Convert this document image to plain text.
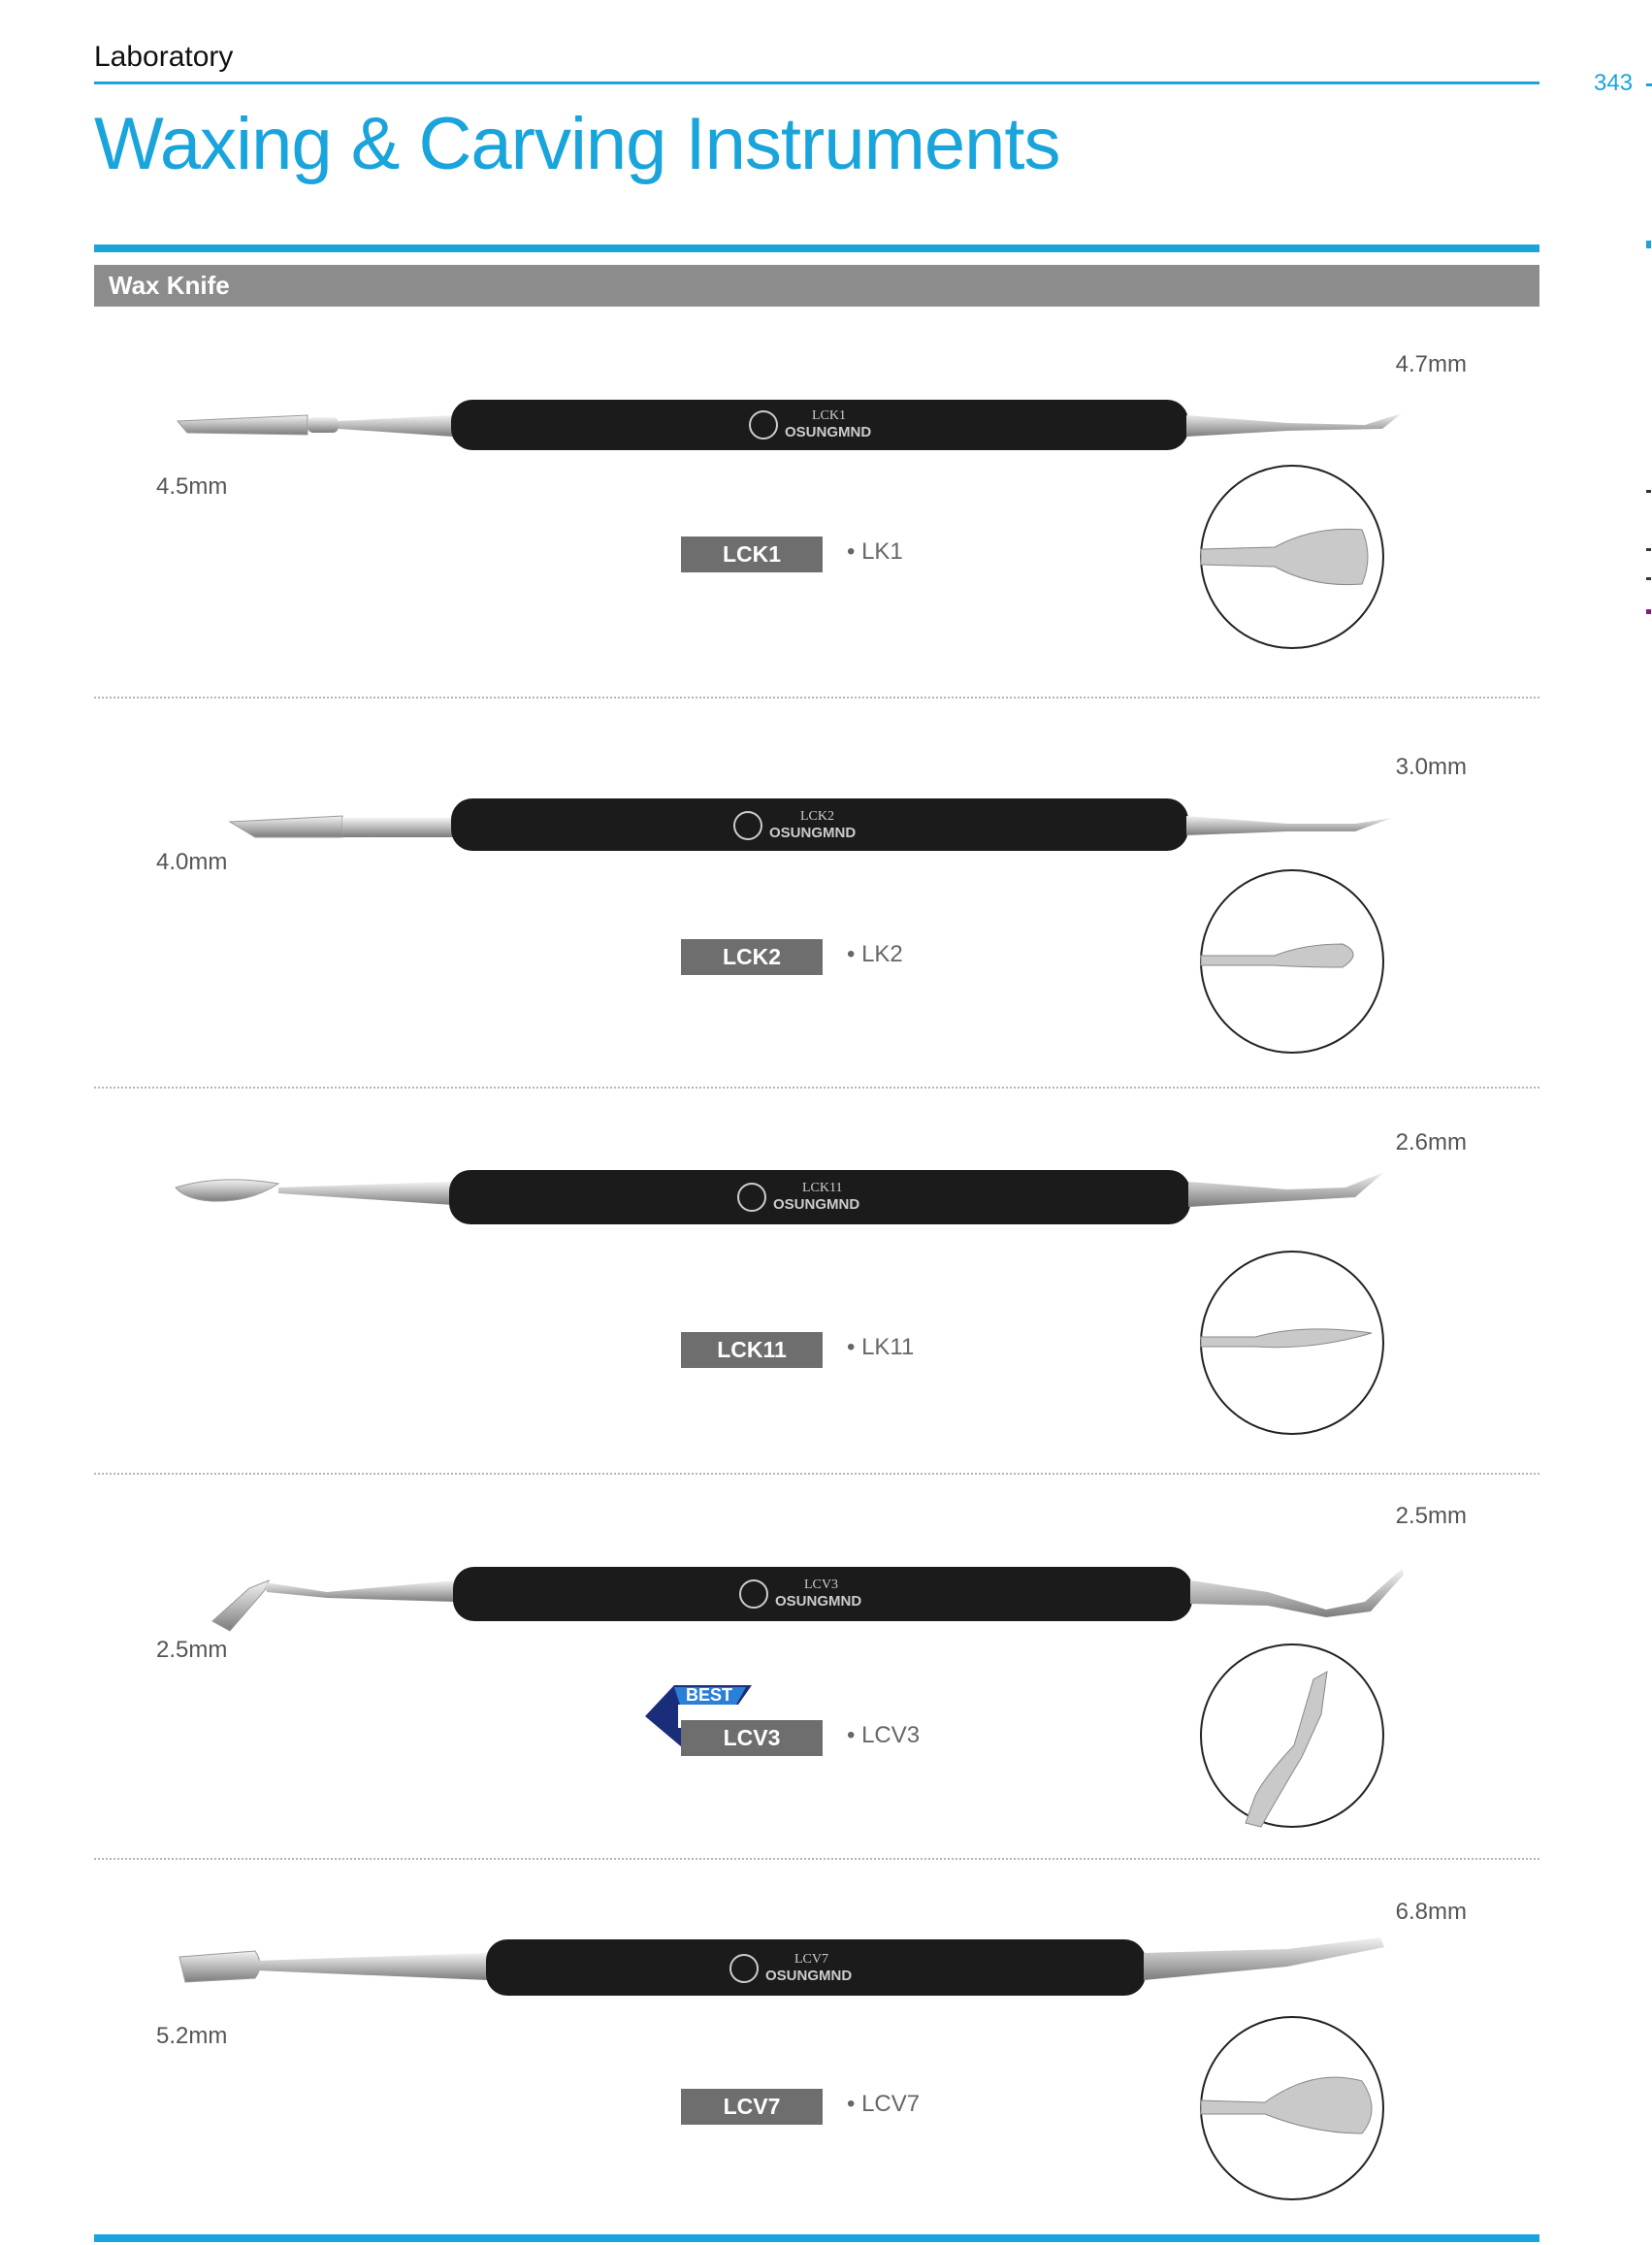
Laboratory
343
Waxing & Carving Instruments
Wax Knife
4.7mm
4.5mm
LCK1
OSUNGMND
LCK1	• LK1
3.0mm
4.0mm
LCK2
OSUNGMND
LCK2	• LK2
2.6mm
LCK11
OSUNGMND
LCK11	• LK11
2.5mm
2.5mm
LCV3
OSUNGMND
BEST
LCV3	• LCV3
6.8mm
5.2mm
LCV7
OSUNGMND
LCV7	• LCV7
